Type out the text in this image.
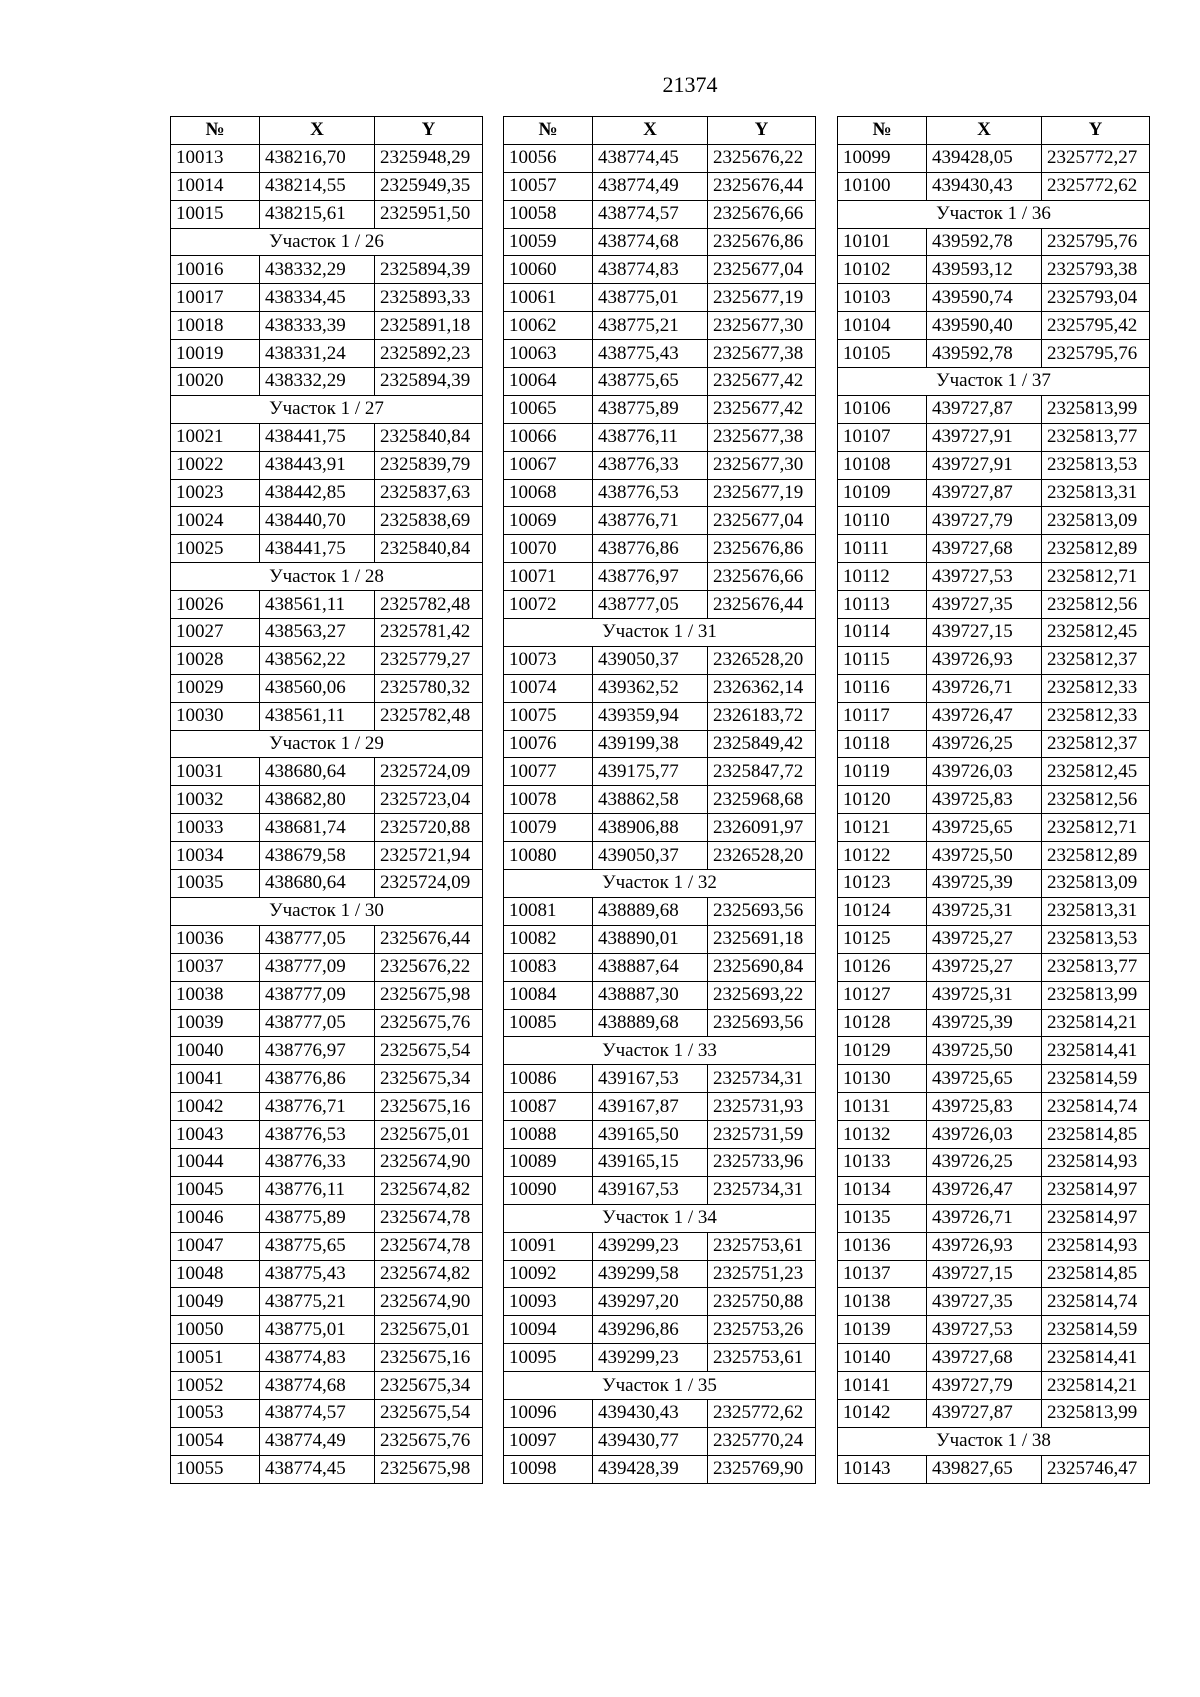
21374
№	X	Y
10013	438216,70	2325948,29
10014	438214,55	2325949,35
10015	438215,61	2325951,50
Участок 1 / 26		
10016	438332,29	2325894,39
10017	438334,45	2325893,33
10018	438333,39	2325891,18
10019	438331,24	2325892,23
10020	438332,29	2325894,39
Участок 1 / 27		
10021	438441,75	2325840,84
10022	438443,91	2325839,79
10023	438442,85	2325837,63
10024	438440,70	2325838,69
10025	438441,75	2325840,84
Участок 1 / 28		
10026	438561,11	2325782,48
10027	438563,27	2325781,42
10028	438562,22	2325779,27
10029	438560,06	2325780,32
10030	438561,11	2325782,48
Участок 1 / 29		
10031	438680,64	2325724,09
10032	438682,80	2325723,04
10033	438681,74	2325720,88
10034	438679,58	2325721,94
10035	438680,64	2325724,09
Участок 1 / 30		
10036	438777,05	2325676,44
10037	438777,09	2325676,22
10038	438777,09	2325675,98
10039	438777,05	2325675,76
10040	438776,97	2325675,54
10041	438776,86	2325675,34
10042	438776,71	2325675,16
10043	438776,53	2325675,01
10044	438776,33	2325674,90
10045	438776,11	2325674,82
10046	438775,89	2325674,78
10047	438775,65	2325674,78
10048	438775,43	2325674,82
10049	438775,21	2325674,90
10050	438775,01	2325675,01
10051	438774,83	2325675,16
10052	438774,68	2325675,34
10053	438774,57	2325675,54
10054	438774,49	2325675,76
10055	438774,45	2325675,98
№	X	Y
10056	438774,45	2325676,22
10057	438774,49	2325676,44
10058	438774,57	2325676,66
10059	438774,68	2325676,86
10060	438774,83	2325677,04
10061	438775,01	2325677,19
10062	438775,21	2325677,30
10063	438775,43	2325677,38
10064	438775,65	2325677,42
10065	438775,89	2325677,42
10066	438776,11	2325677,38
10067	438776,33	2325677,30
10068	438776,53	2325677,19
10069	438776,71	2325677,04
10070	438776,86	2325676,86
10071	438776,97	2325676,66
10072	438777,05	2325676,44
Участок 1 / 31		
10073	439050,37	2326528,20
10074	439362,52	2326362,14
10075	439359,94	2326183,72
10076	439199,38	2325849,42
10077	439175,77	2325847,72
10078	438862,58	2325968,68
10079	438906,88	2326091,97
10080	439050,37	2326528,20
Участок 1 / 32		
10081	438889,68	2325693,56
10082	438890,01	2325691,18
10083	438887,64	2325690,84
10084	438887,30	2325693,22
10085	438889,68	2325693,56
Участок 1 / 33		
10086	439167,53	2325734,31
10087	439167,87	2325731,93
10088	439165,50	2325731,59
10089	439165,15	2325733,96
10090	439167,53	2325734,31
Участок 1 / 34		
10091	439299,23	2325753,61
10092	439299,58	2325751,23
10093	439297,20	2325750,88
10094	439296,86	2325753,26
10095	439299,23	2325753,61
Участок 1 / 35		
10096	439430,43	2325772,62
10097	439430,77	2325770,24
10098	439428,39	2325769,90
№	X	Y
10099	439428,05	2325772,27
10100	439430,43	2325772,62
Участок 1 / 36		
10101	439592,78	2325795,76
10102	439593,12	2325793,38
10103	439590,74	2325793,04
10104	439590,40	2325795,42
10105	439592,78	2325795,76
Участок 1 / 37		
10106	439727,87	2325813,99
10107	439727,91	2325813,77
10108	439727,91	2325813,53
10109	439727,87	2325813,31
10110	439727,79	2325813,09
10111	439727,68	2325812,89
10112	439727,53	2325812,71
10113	439727,35	2325812,56
10114	439727,15	2325812,45
10115	439726,93	2325812,37
10116	439726,71	2325812,33
10117	439726,47	2325812,33
10118	439726,25	2325812,37
10119	439726,03	2325812,45
10120	439725,83	2325812,56
10121	439725,65	2325812,71
10122	439725,50	2325812,89
10123	439725,39	2325813,09
10124	439725,31	2325813,31
10125	439725,27	2325813,53
10126	439725,27	2325813,77
10127	439725,31	2325813,99
10128	439725,39	2325814,21
10129	439725,50	2325814,41
10130	439725,65	2325814,59
10131	439725,83	2325814,74
10132	439726,03	2325814,85
10133	439726,25	2325814,93
10134	439726,47	2325814,97
10135	439726,71	2325814,97
10136	439726,93	2325814,93
10137	439727,15	2325814,85
10138	439727,35	2325814,74
10139	439727,53	2325814,59
10140	439727,68	2325814,41
10141	439727,79	2325814,21
10142	439727,87	2325813,99
Участок 1 / 38		
10143	439827,65	2325746,47
